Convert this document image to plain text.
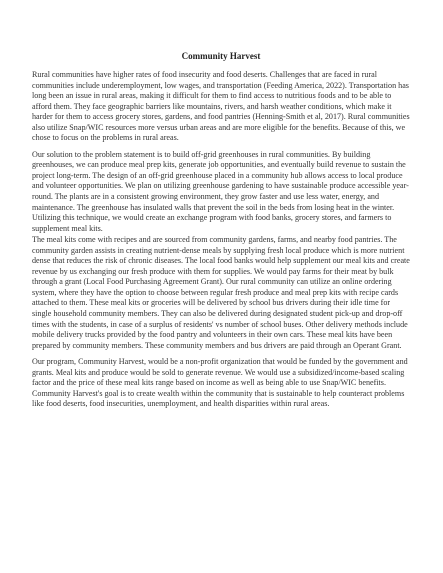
Community Harvest

Rural communities have higher rates of food insecurity and food deserts. Challenges that are faced in rural communities include underemployment, low wages, and transportation (Feeding America, 2022). Transportation has long been an issue in rural areas, making it difficult for them to find access to nutritious foods and to be able to afford them. They face geographic barriers like mountains, rivers, and harsh weather conditions, which make it harder for them to access grocery stores, gardens, and food pantries (Henning-Smith et al, 2017). Rural communities also utilize Snap/WIC resources more versus urban areas and are more eligible for the benefits. Because of this, we chose to focus on the problems in rural areas.

Our solution to the problem statement is to build off-grid greenhouses in rural communities. By building greenhouses, we can produce meal prep kits, generate job opportunities, and eventually build revenue to sustain the project long-term. The design of an off-grid greenhouse placed in a community hub allows access to local produce and volunteer opportunities. We plan on utilizing greenhouse gardening to have sustainable produce accessible year-round. The plants are in a consistent growing environment, they grow faster and use less water, energy, and maintenance. The greenhouse has insulated walls that prevent the soil in the beds from losing heat in the winter. Utilizing this technique, we would create an exchange program with food banks, grocery stores, and farmers to supplement meal kits.

The meal kits come with recipes and are sourced from community gardens, farms, and nearby food pantries. The community garden assists in creating nutrient-dense meals by supplying fresh local produce which is more nutrient dense that reduces the risk of chronic diseases. The local food banks would help supplement our meal kits and create revenue by us exchanging our fresh produce with them for supplies. We would pay farms for their meat by bulk through a grant (Local Food Purchasing Agreement Grant). Our rural community can utilize an online ordering system, where they have the option to choose between regular fresh produce and meal prep kits with recipe cards attached to them. These meal kits or groceries will be delivered by school bus drivers during their idle time for single household community members. They can also be delivered during designated student pick-up and drop-off times with the students, in case of a surplus of residents' vs number of school buses. Other delivery methods include mobile delivery trucks provided by the food pantry and volunteers in their own cars. These meal kits have been prepared by community members. These community members and bus drivers are paid through an Operant Grant.

Our program, Community Harvest, would be a non-profit organization that would be funded by the government and grants. Meal kits and produce would be sold to generate revenue. We would use a subsidized/income-based scaling factor and the price of these meal kits range based on income as well as being able to use Snap/WIC benefits. Community Harvest's goal is to create wealth within the community that is sustainable to help counteract problems like food deserts, food insecurities, unemployment, and health disparities within rural areas.
